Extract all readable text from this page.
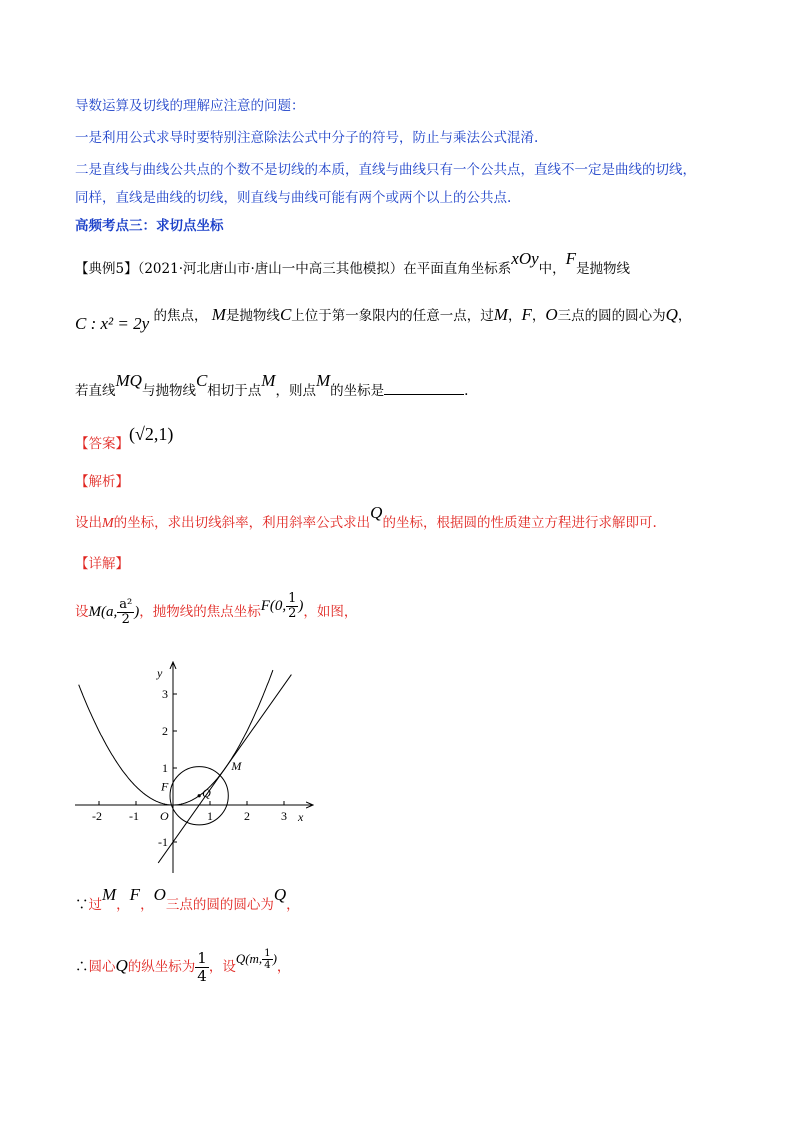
导数运算及切线的理解应注意的问题：
一是利用公式求导时要特别注意除法公式中分子的符号，防止与乘法公式混淆.
二是直线与曲线公共点的个数不是切线的本质，直线与曲线只有一个公共点，直线不一定是曲线的切线，
同样，直线是曲线的切线，则直线与曲线可能有两个或两个以上的公共点.
高频考点三：求切点坐标
【典例5】（2021·河北唐山市·唐山一中高三其他模拟）在平面直角坐标系xOy中，F是抛物线
C : x² = 2y 的焦点， M是抛物线C上位于第一象限内的任意一点，过M，F，O三点的圆的圆心为Q，
若直线MQ与抛物线C相切于点M，则点M的坐标是	.
【答案】(√2,1)
【解析】
设出M的坐标，求出切线斜率，利用斜率公式求出Q的坐标，根据圆的性质建立方程进行求解即可.
【详解】
设M(a, $\frac{\text{a²}}{2}$ )，抛物线的焦点坐标F(0, $\frac{1}{2}$ )，如图，
y
x
O
M
F	Q
-2 -1	1	2	3
3
2
1
-1
∵过M，F，O三点的圆的圆心为Q，
∴圆心Q的纵坐标为 $\frac{1}{4}$ ，设Q(m, $\frac{1}{4}$ )，
